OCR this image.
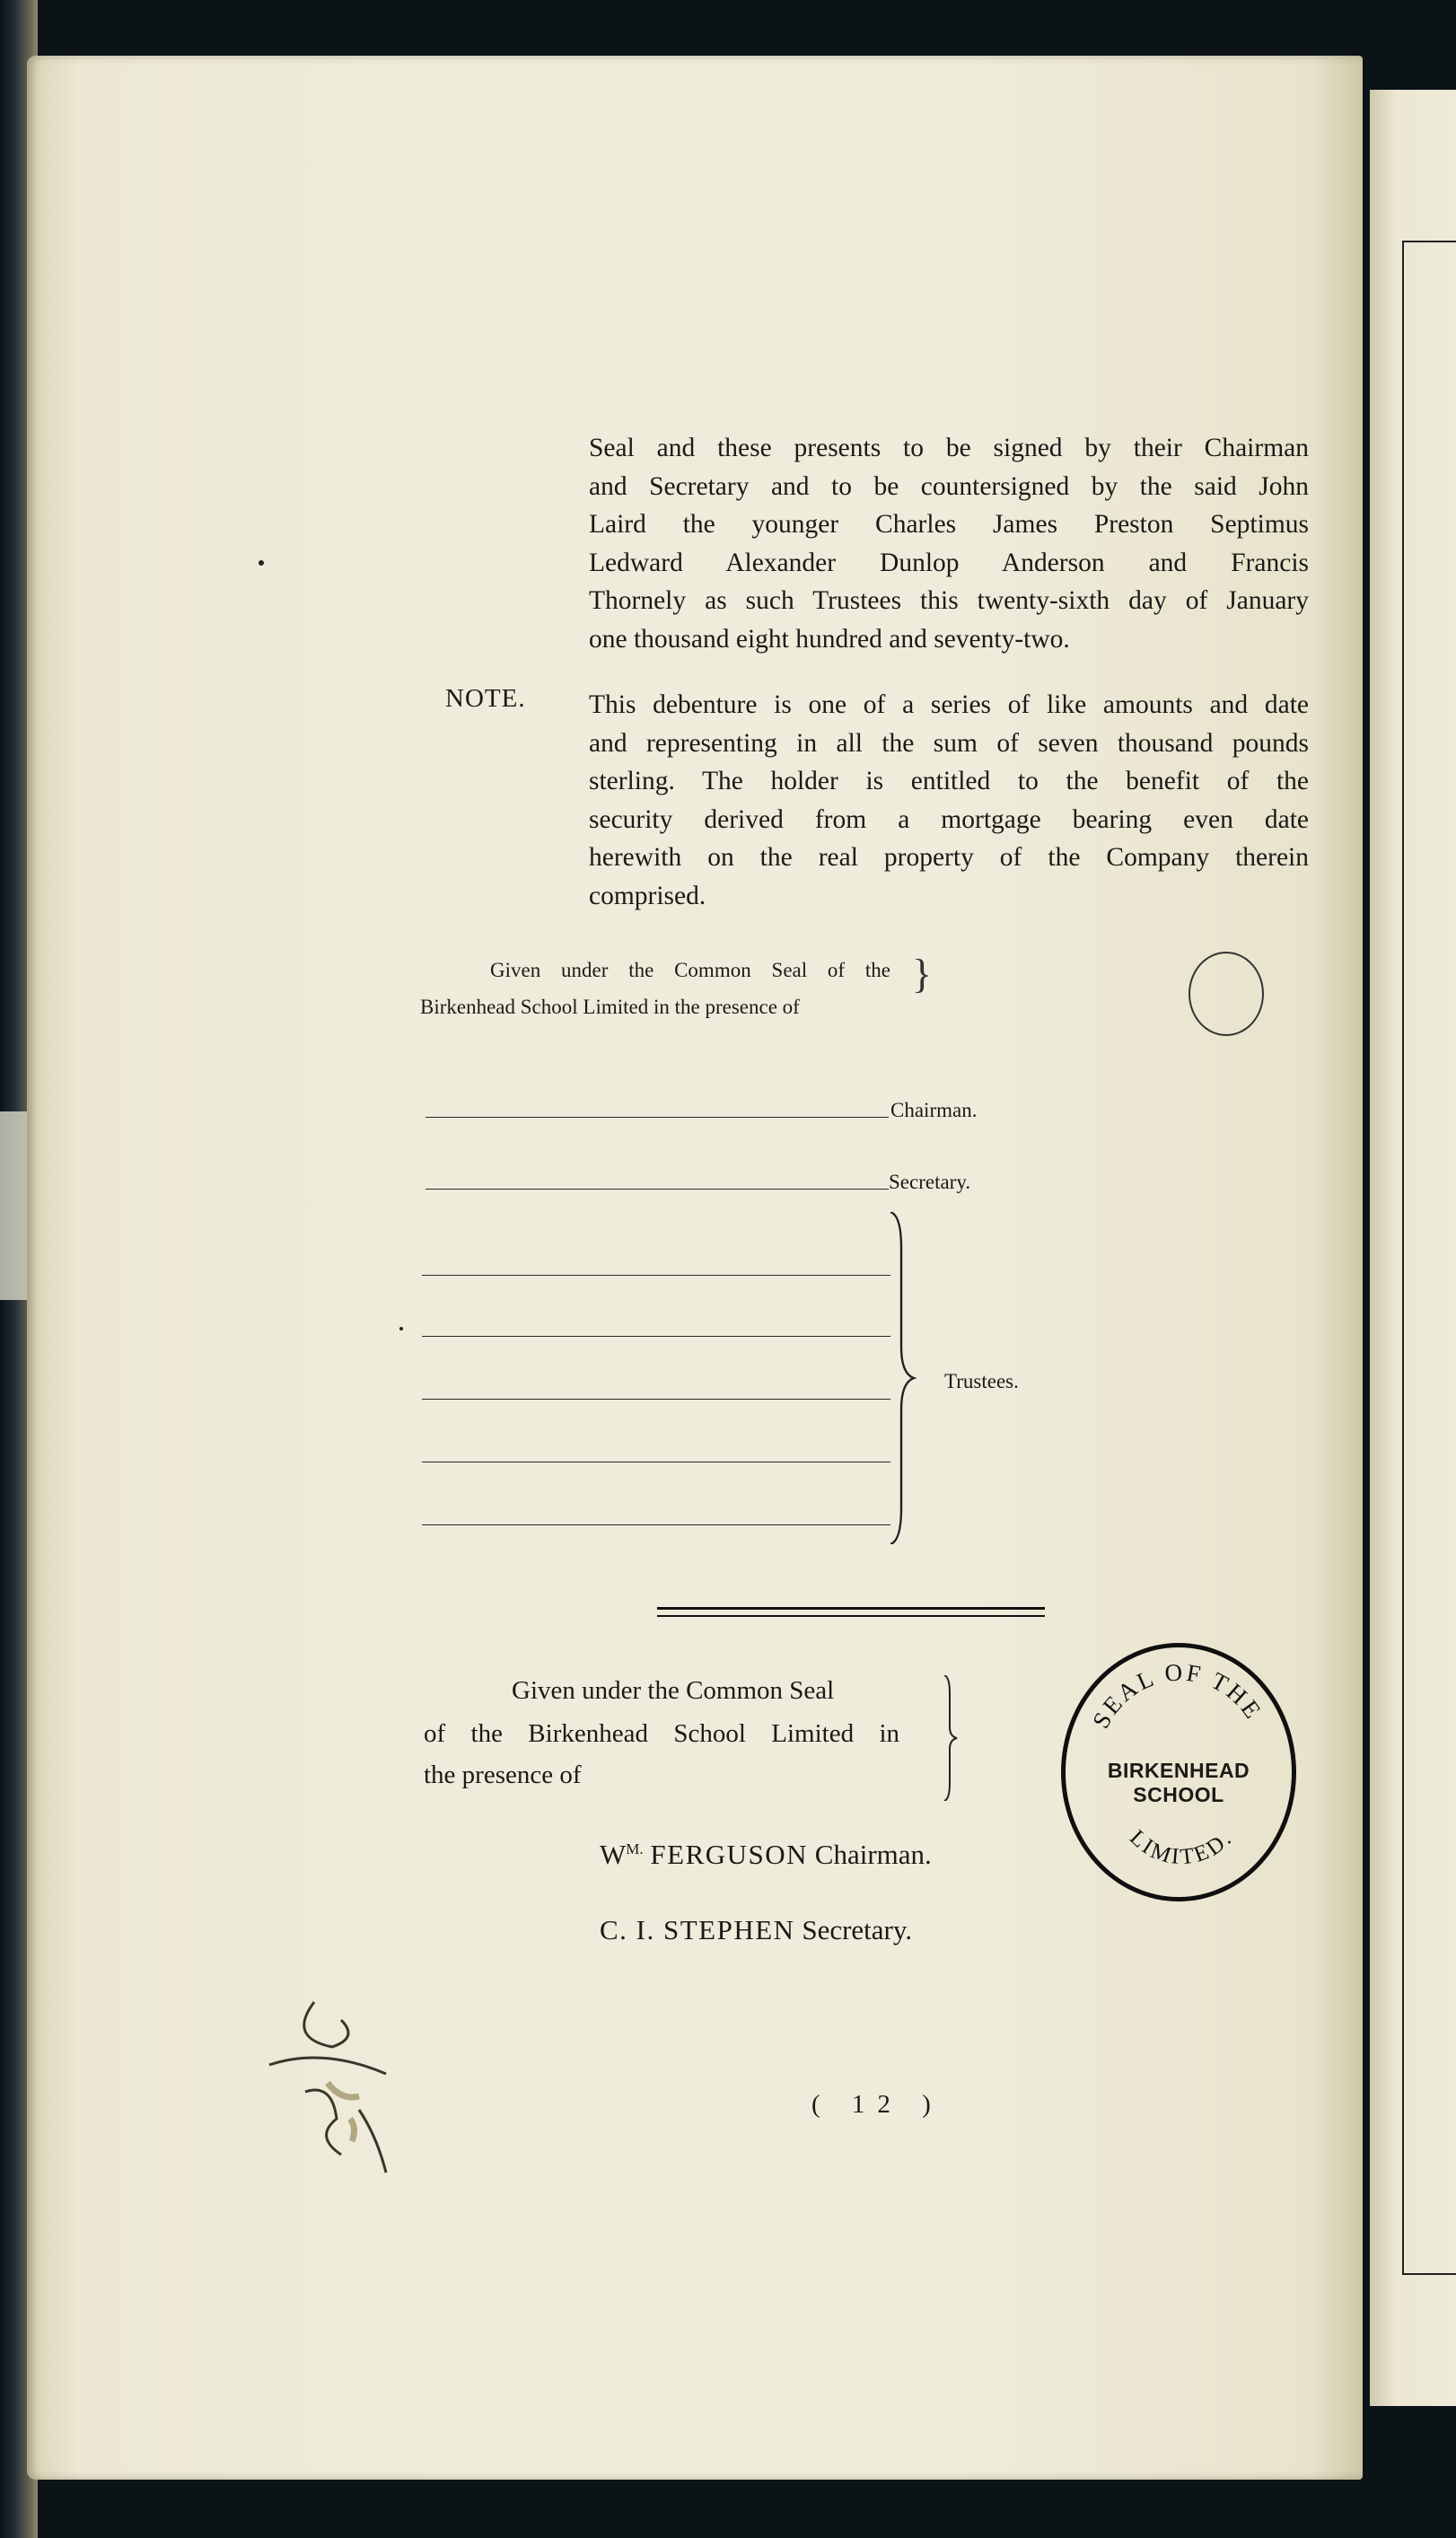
Seal and these presents to be signed by their Chairman
and Secretary and to be countersigned by the said John
Laird the younger Charles James Preston Septimus
Ledward Alexander Dunlop Anderson and Francis
Thornely as such Trustees this twenty-sixth day of January
one thousand eight hundred and seventy-two.
NOTE. This debenture is one of a series of like amounts and date
and representing in all the sum of seven thousand pounds
sterling. The holder is entitled to the benefit of the
security derived from a mortgage bearing even date
herewith on the real property of the Company therein
comprised.
Given under the Common Seal of the
Birkenhead School Limited in the presence of
}
Chairman.
Secretary.
Trustees.
Given under the Common Seal
of the Birkenhead School Limited in
the presence of
SEAL OF THE
LIMITED.
BIRKENHEAD SCHOOL
$W^{M.}$ FERGUSON Chairman.
C. I. STEPHEN Secretary.
( 12 )
